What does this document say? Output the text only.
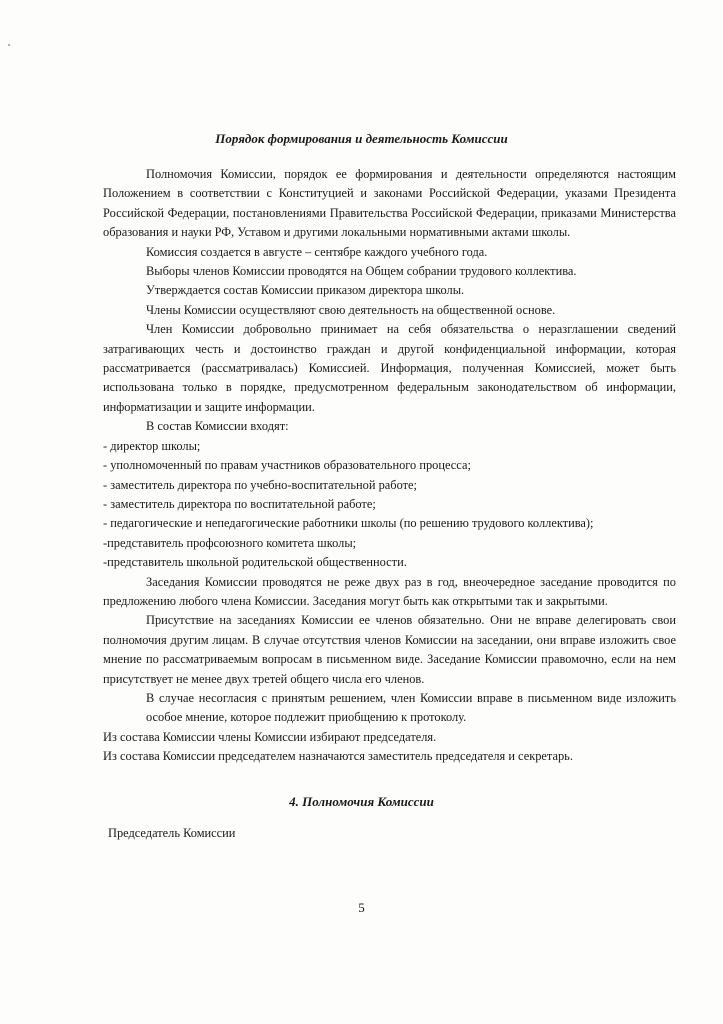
Порядок формирования и деятельность Комиссии

Полномочия Комиссии, порядок ее формирования и деятельности определяются настоящим Положением в соответствии с Конституцией и законами Российской Федерации, указами Президента Российской Федерации, постановлениями Правительства Российской Федерации, приказами Министерства образования и науки РФ, Уставом и другими локальными нормативными актами школы.

Комиссия создается в августе – сентябре каждого учебного года.

Выборы членов Комиссии проводятся на Общем собрании трудового коллектива.

Утверждается состав Комиссии приказом директора школы.

Члены Комиссии осуществляют свою деятельность на общественной основе.

Член Комиссии добровольно принимает на себя обязательства о неразглашении сведений затрагивающих честь и достоинство граждан и другой конфиденциальной информации, которая рассматривается (рассматривалась) Комиссией. Информация, полученная Комиссией, может быть использована только в порядке, предусмотренном федеральным законодательством об информации, информатизации и защите информации.

В состав Комиссии входят:

- директор школы;

- уполномоченный по правам участников образовательного процесса;

- заместитель директора по учебно-воспитательной работе;

- заместитель директора по воспитательной работе;

- педагогические и непедагогические работники школы (по решению трудового коллектива);

-представитель профсоюзного комитета школы;

-представитель школьной родительской общественности.

Заседания Комиссии проводятся не реже двух раз в год, внеочередное заседание проводится по предложению любого члена Комиссии. Заседания могут быть как открытыми так и закрытыми.

Присутствие на заседаниях Комиссии ее членов обязательно. Они не вправе делегировать свои полномочия другим лицам. В случае отсутствия членов Комиссии на заседании, они вправе изложить свое мнение по рассматриваемым вопросам в письменном виде. Заседание Комиссии правомочно, если на нем присутствует не менее двух третей общего числа его членов.

В случае несогласия с принятым решением, член Комиссии вправе в письменном виде изложить особое мнение, которое подлежит приобщению к протоколу.

Из состава Комиссии члены Комиссии избирают председателя.

Из состава Комиссии председателем назначаются заместитель председателя и секретарь.

4. Полномочия Комиссии
Председатель Комиссии
5
